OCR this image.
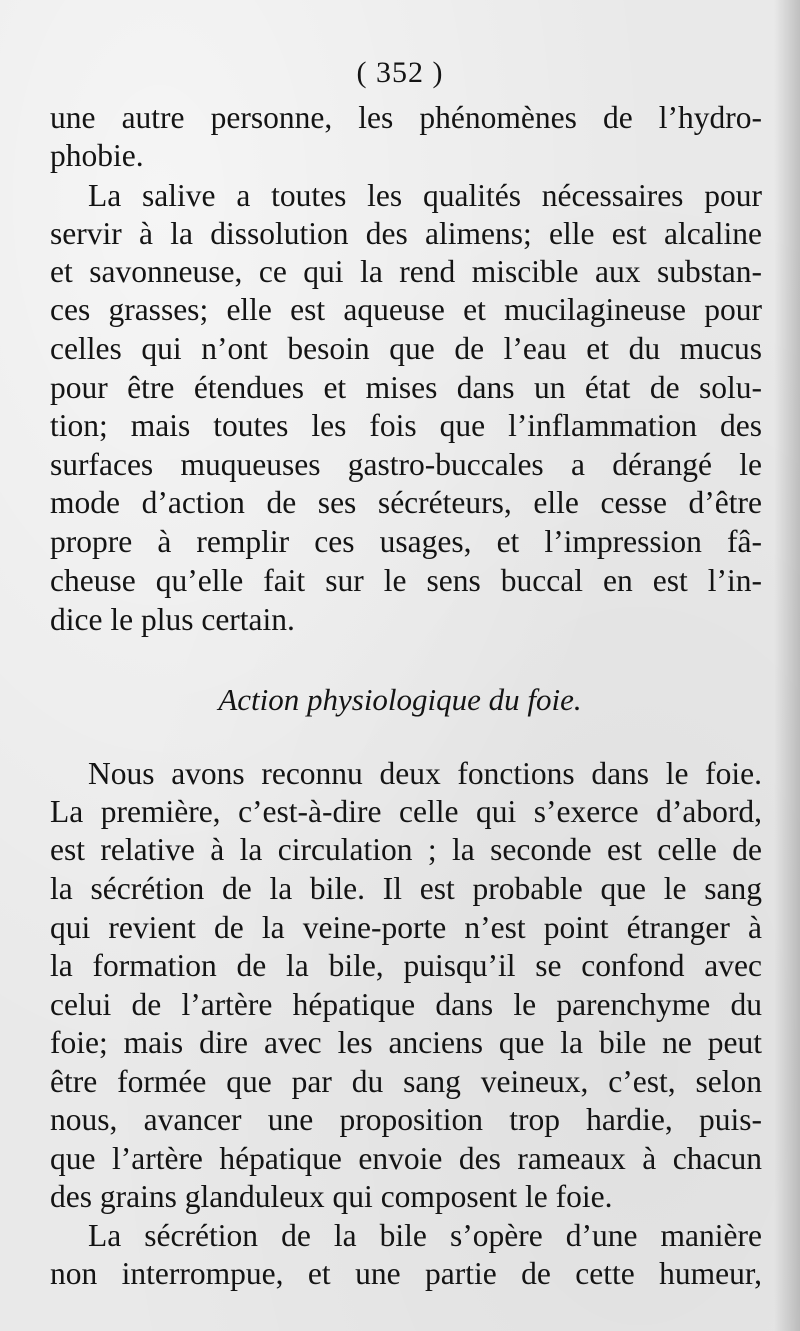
( 352 )
une autre personne, les phénomènes de l’hydro-
phobie.
La salive a toutes les qualités nécessaires pour
servir à la dissolution des alimens; elle est alcaline
et savonneuse, ce qui la rend miscible aux substan-
ces grasses; elle est aqueuse et mucilagineuse pour
celles qui n’ont besoin que de l’eau et du mucus
pour être étendues et mises dans un état de solu-
tion; mais toutes les fois que l’inflammation des
surfaces muqueuses gastro-buccales a dérangé le
mode d’action de ses sécréteurs, elle cesse d’être
propre à remplir ces usages, et l’impression fâ-
cheuse qu’elle fait sur le sens buccal en est l’in-
dice le plus certain.
Action physiologique du foie.
Nous avons reconnu deux fonctions dans le foie.
La première, c’est-à-dire celle qui s’exerce d’abord,
est relative à la circulation ; la seconde est celle de
la sécrétion de la bile. Il est probable que le sang
qui revient de la veine-porte n’est point étranger à
la formation de la bile, puisqu’il se confond avec
celui de l’artère hépatique dans le parenchyme du
foie; mais dire avec les anciens que la bile ne peut
être formée que par du sang veineux, c’est, selon
nous, avancer une proposition trop hardie, puis-
que l’artère hépatique envoie des rameaux à chacun
des grains glanduleux qui composent le foie.
La sécrétion de la bile s’opère d’une manière
non interrompue, et une partie de cette humeur,
